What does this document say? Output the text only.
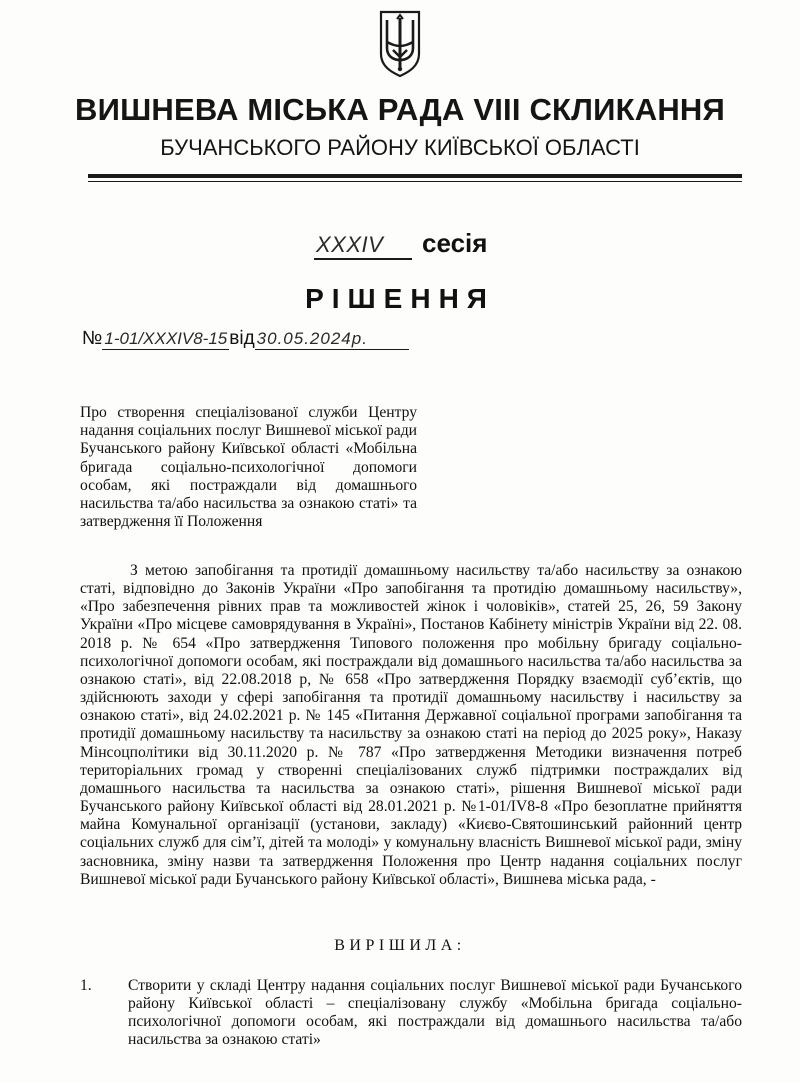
ВИШНЕВА МІСЬКА РАДА VIII СКЛИКАННЯ
БУЧАНСЬКОГО РАЙОНУ КИЇВСЬКОЇ ОБЛАСТІ
XXXIV	сесія
РІШЕННЯ
№ 1-01/XXXIV8-15 від 30.05.2024р.
Про створення спеціалізованої служби Центру надання соціальних послуг Вишневої міської ради Бучанського району Київської області «Мобільна бригада соціально-психологічної допомоги особам, які постраждали від домашнього насильства та/або насильства за ознакою статі» та затвердження її Положення
З метою запобігання та протидії домашньому насильству та/або насильству за ознакою статі, відповідно до Законів України «Про запобігання та протидію домашньому насильству», «Про забезпечення рівних прав та можливостей жінок і чоловіків», статей 25, 26, 59 Закону України «Про місцеве самоврядування в Україні», Постанов Кабінету міністрів України від 22. 08. 2018 р. № 654 «Про затвердження Типового положення про мобільну бригаду соціально-психологічної допомоги особам, які постраждали від домашнього насильства та/або насильства за ознакою статі», від 22.08.2018 р, № 658 «Про затвердження Порядку взаємодії суб’єктів, що здійснюють заходи у сфері запобігання та протидії домашньому насильству і насильству за ознакою статі», від 24.02.2021 р. № 145 «Питання Державної соціальної програми запобігання та протидії домашньому насильству та насильству за ознакою статі на період до 2025 року», Наказу Мінсоцполітики від 30.11.2020 р. № 787 «Про затвердження Методики визначення потреб територіальних громад у створенні спеціалізованих служб підтримки постраждалих від домашнього насильства та насильства за ознакою статі», рішення Вишневої міської ради Бучанського району Київської області від 28.01.2021 р. №1-01/IV8-8 «Про безоплатне прийняття майна Комунальної організації (установи, закладу) «Києво-Святошинський районний центр соціальних служб для сім’ї, дітей та молоді» у комунальну власність Вишневої міської ради, зміну засновника, зміну назви та затвердження Положення про Центр надання соціальних послуг Вишневої міської ради Бучанського району Київської області», Вишнева міська рада, -
ВИРІШИЛА:
1.	Створити у складі Центру надання соціальних послуг Вишневої міської ради Бучанського району Київської області – спеціалізовану службу «Мобільна бригада соціально-психологічної допомоги особам, які постраждали від домашнього насильства та/або насильства за ознакою статі»
